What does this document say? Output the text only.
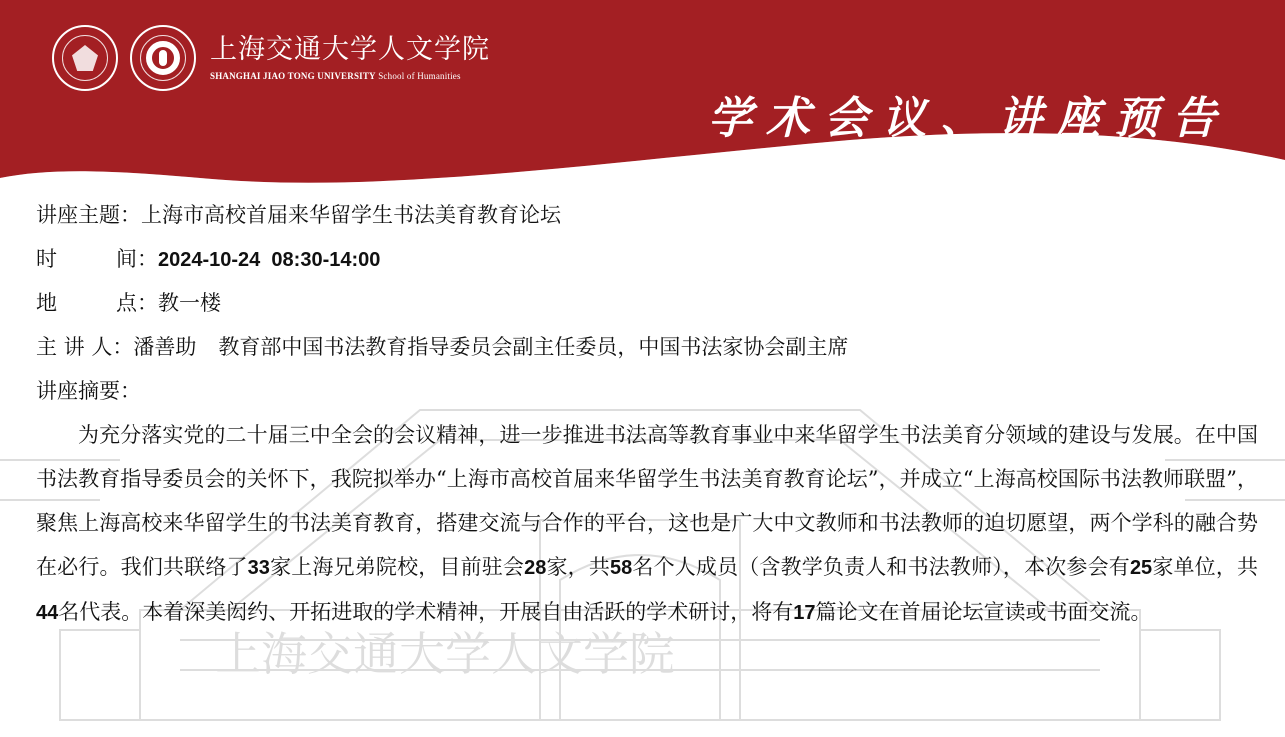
上海交通大学人文学院
SHANGHAI JIAO TONG UNIVERSITY School of Humanities
学术会议、讲座预告
上海交通大学人文学院
讲座主题： 上海市高校首届来华留学生书法美育教育论坛
时	间： 2024-10-24  08:30-14:00
地	点： 教一楼
主 讲 人： 潘善助 教育部中国书法教育指导委员会副主任委员，中国书法家协会副主席
讲座摘要：
为充分落实党的二十届三中全会的会议精神，进一步推进书法高等教育事业中来华留学生书法美育分领域的建设与发展。在中国书法教育指导委员会的关怀下，我院拟举办“上海市高校首届来华留学生书法美育教育论坛”，并成立“上海高校国际书法教师联盟”，聚焦上海高校来华留学生的书法美育教育，搭建交流与合作的平台，这也是广大中文教师和书法教师的迫切愿望，两个学科的融合势在必行。我们共联络了33家上海兄弟院校，目前驻会28家，共58名个人成员（含教学负责人和书法教师），本次参会有25家单位，共44名代表。本着深美闳约、开拓进取的学术精神，开展自由活跃的学术研讨，将有17篇论文在首届论坛宣读或书面交流。
